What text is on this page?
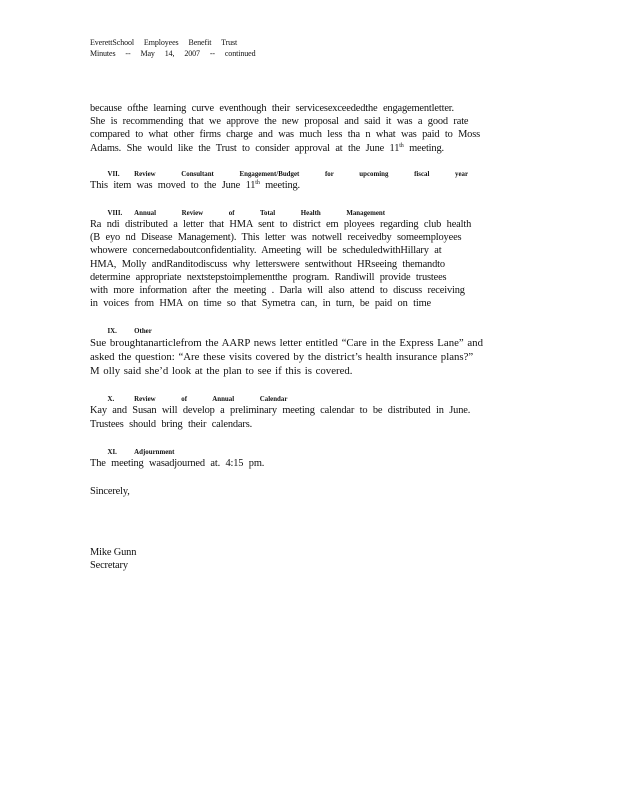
EverettSchool Employees Benefit Trust
Minutes -- May 14, 2007 -- continued
because ofthe learning curve eventhough their servicesexceededthe engagementletter.
She is recommending that we approve the new proposal and said it was a good rate
compared to what other firms charge and was much less tha n what was paid to Moss
Adams. She would like the Trust to consider approval at the June 11th meeting.
VII. Review Consultant Engagement/Budget for upcoming fiscal year
This item was moved to the June 11th meeting.
VIII. Annual Review of Total Health Management
Ra ndi distributed a letter that HMA sent to district em ployees regarding club health
(B eyo nd Disease Management). This letter was notwell receivedby someemployees
whowere concernedaboutconfidentiality. Ameeting will be scheduledwithHillary at
HMA, Molly andRanditodiscuss why letterswere sentwithout HRseeing themandto
determine appropriate nextstepstoimplementthe program. Randiwill provide trustees
with more information after the meeting . Darla will also attend to discuss receiving
in voices from HMA on time so that Symetra can, in turn, be paid on time
IX. Other
Sue broughtanarticlefrom the AARP news letter entitled “Care in the Express Lane” and
asked the question: “Are these visits covered by the district’s health insurance plans?”
M olly said she’d look at the plan to see if this is covered.
X.	Review of Annual Calendar
Kay and Susan will develop a preliminary meeting calendar to be distributed in June.
Trustees should bring their calendars.
XI. Adjournment
The meeting wasadjourned at. 4:15 pm.
Sincerely,
Mike Gunn
Secretary
